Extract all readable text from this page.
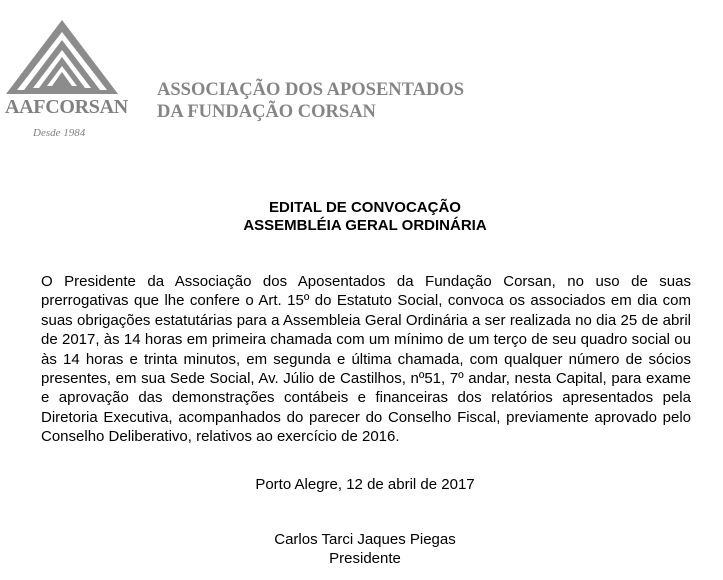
AAFCORSAN
Desde 1984
ASSOCIAÇÃO DOS APOSENTADOS
DA FUNDAÇÃO CORSAN
EDITAL DE CONVOCAÇÃO
ASSEMBLÉIA GERAL ORDINÁRIA
O Presidente da Associação dos Aposentados da Fundação Corsan, no uso de suas prerrogativas que lhe confere o Art. 15º do Estatuto Social, convoca os associados em dia com suas obrigações estatutárias para a Assembleia Geral Ordinária a ser realizada no dia 25 de abril de 2017, às 14 horas em primeira chamada com um mínimo de um terço de seu quadro social ou às 14 horas e trinta minutos, em segunda e última chamada, com qualquer número de sócios presentes, em sua Sede Social, Av. Júlio de Castilhos, nº51, 7º andar, nesta Capital, para exame e aprovação das demonstrações contábeis e financeiras dos relatórios apresentados pela Diretoria Executiva, acompanhados do parecer do Conselho Fiscal, previamente aprovado pelo Conselho Deliberativo, relativos ao exercício de 2016.
Porto Alegre, 12 de abril de 2017
Carlos Tarci Jaques Piegas
Presidente
